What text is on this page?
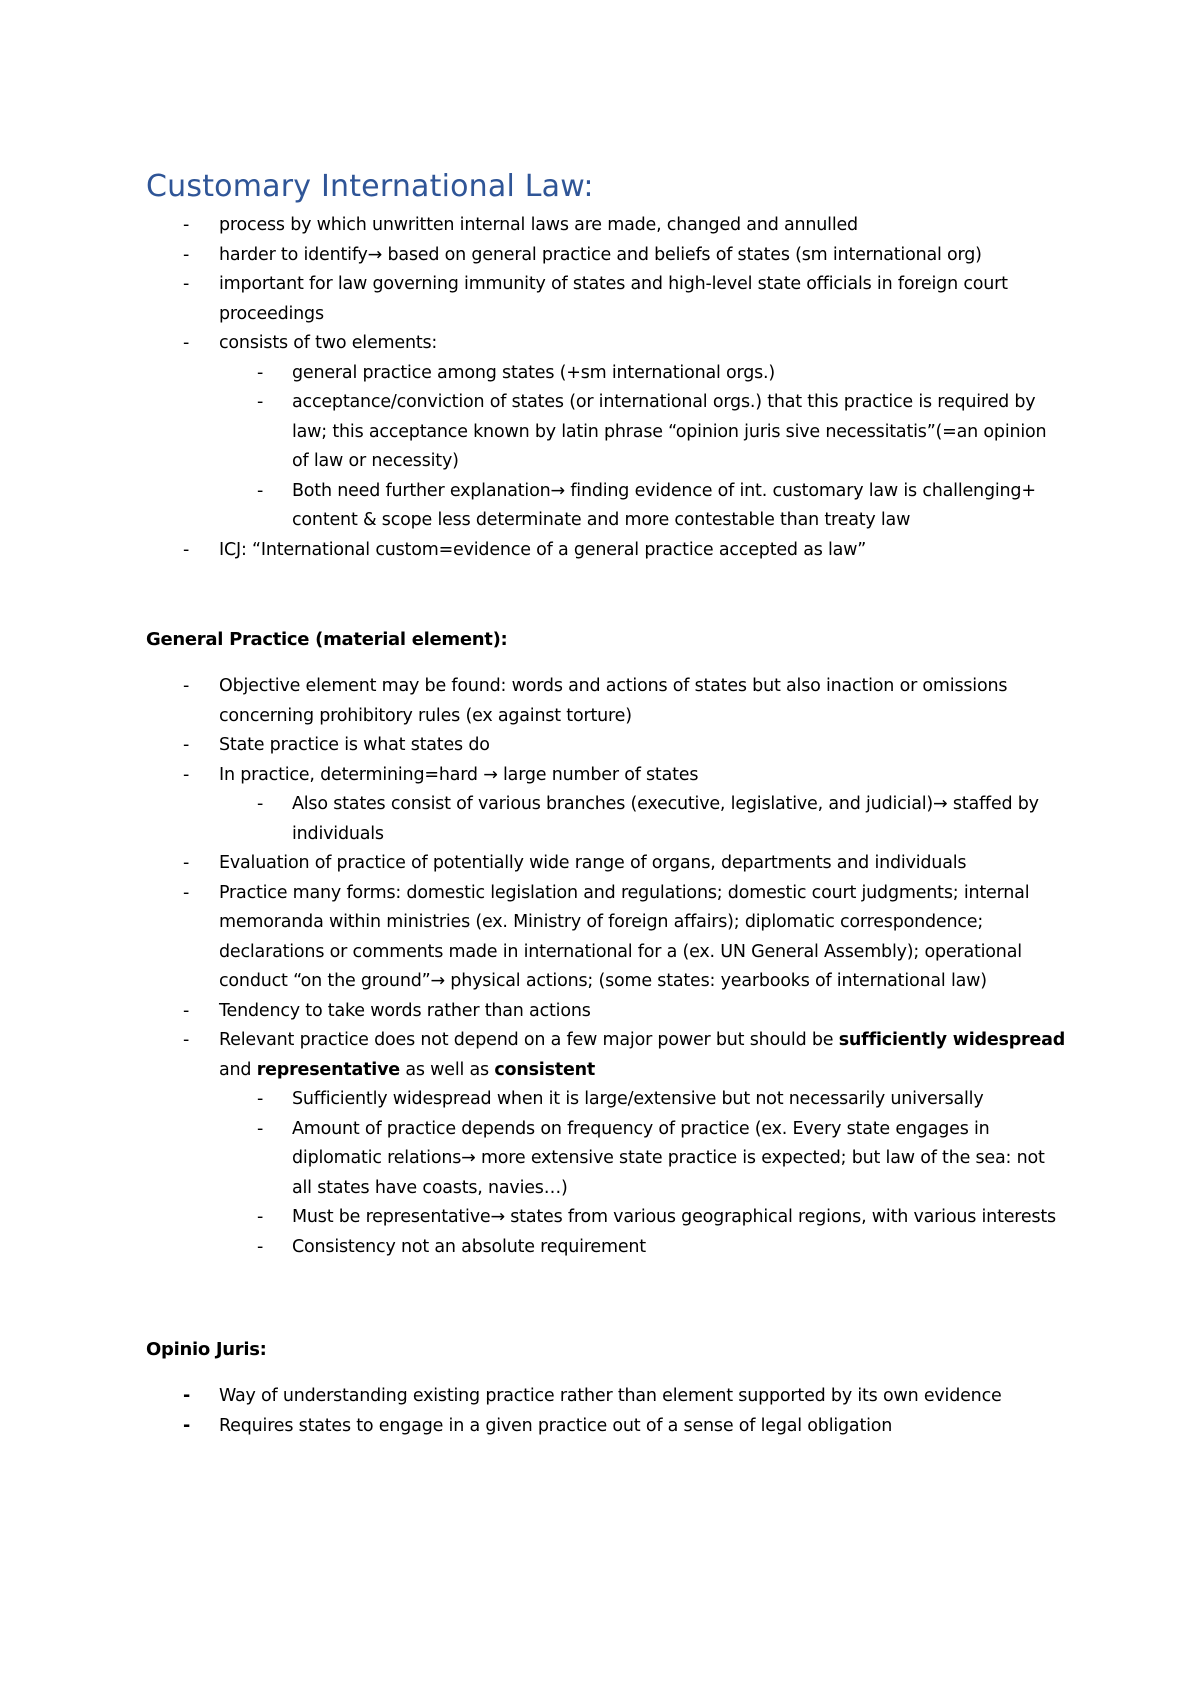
Customary International Law:

- process by which unwritten internal laws are made, changed and annulled

- harder to identify→ based on general practice and beliefs of states (sm international org)

- important for law governing immunity of states and high-level state officials in foreign court proceedings

- consists of two elements:

- general practice among states (+sm international orgs.)

- acceptance/conviction of states (or international orgs.) that this practice is required by law; this acceptance known by latin phrase “opinion juris sive necessitatis”(=an opinion of law or necessity)

- Both need further explanation→ finding evidence of int. customary law is challenging+ content & scope less determinate and more contestable than treaty law

- ICJ: “International custom=evidence of a general practice accepted as law”

General Practice (material element):

- Objective element may be found: words and actions of states but also inaction or omissions concerning prohibitory rules (ex against torture)

- State practice is what states do

- In practice, determining=hard → large number of states

- Also states consist of various branches (executive, legislative, and judicial)→ staffed by individuals

- Evaluation of practice of potentially wide range of organs, departments and individuals

- Practice many forms: domestic legislation and regulations; domestic court judgments; internal memoranda within ministries (ex. Ministry of foreign affairs); diplomatic correspondence; declarations or comments made in international for a (ex. UN General Assembly); operational conduct “on the ground”→ physical actions; (some states: yearbooks of international law)

- Tendency to take words rather than actions

- Relevant practice does not depend on a few major power but should be sufficiently widespread and representative as well as consistent

- Sufficiently widespread when it is large/extensive but not necessarily universally

- Amount of practice depends on frequency of practice (ex. Every state engages in diplomatic relations→ more extensive state practice is expected; but law of the sea: not all states have coasts, navies…)

- Must be representative→ states from various geographical regions, with various interests

- Consistency not an absolute requirement

Opinio Juris:

- Way of understanding existing practice rather than element supported by its own evidence

- Requires states to engage in a given practice out of a sense of legal obligation
